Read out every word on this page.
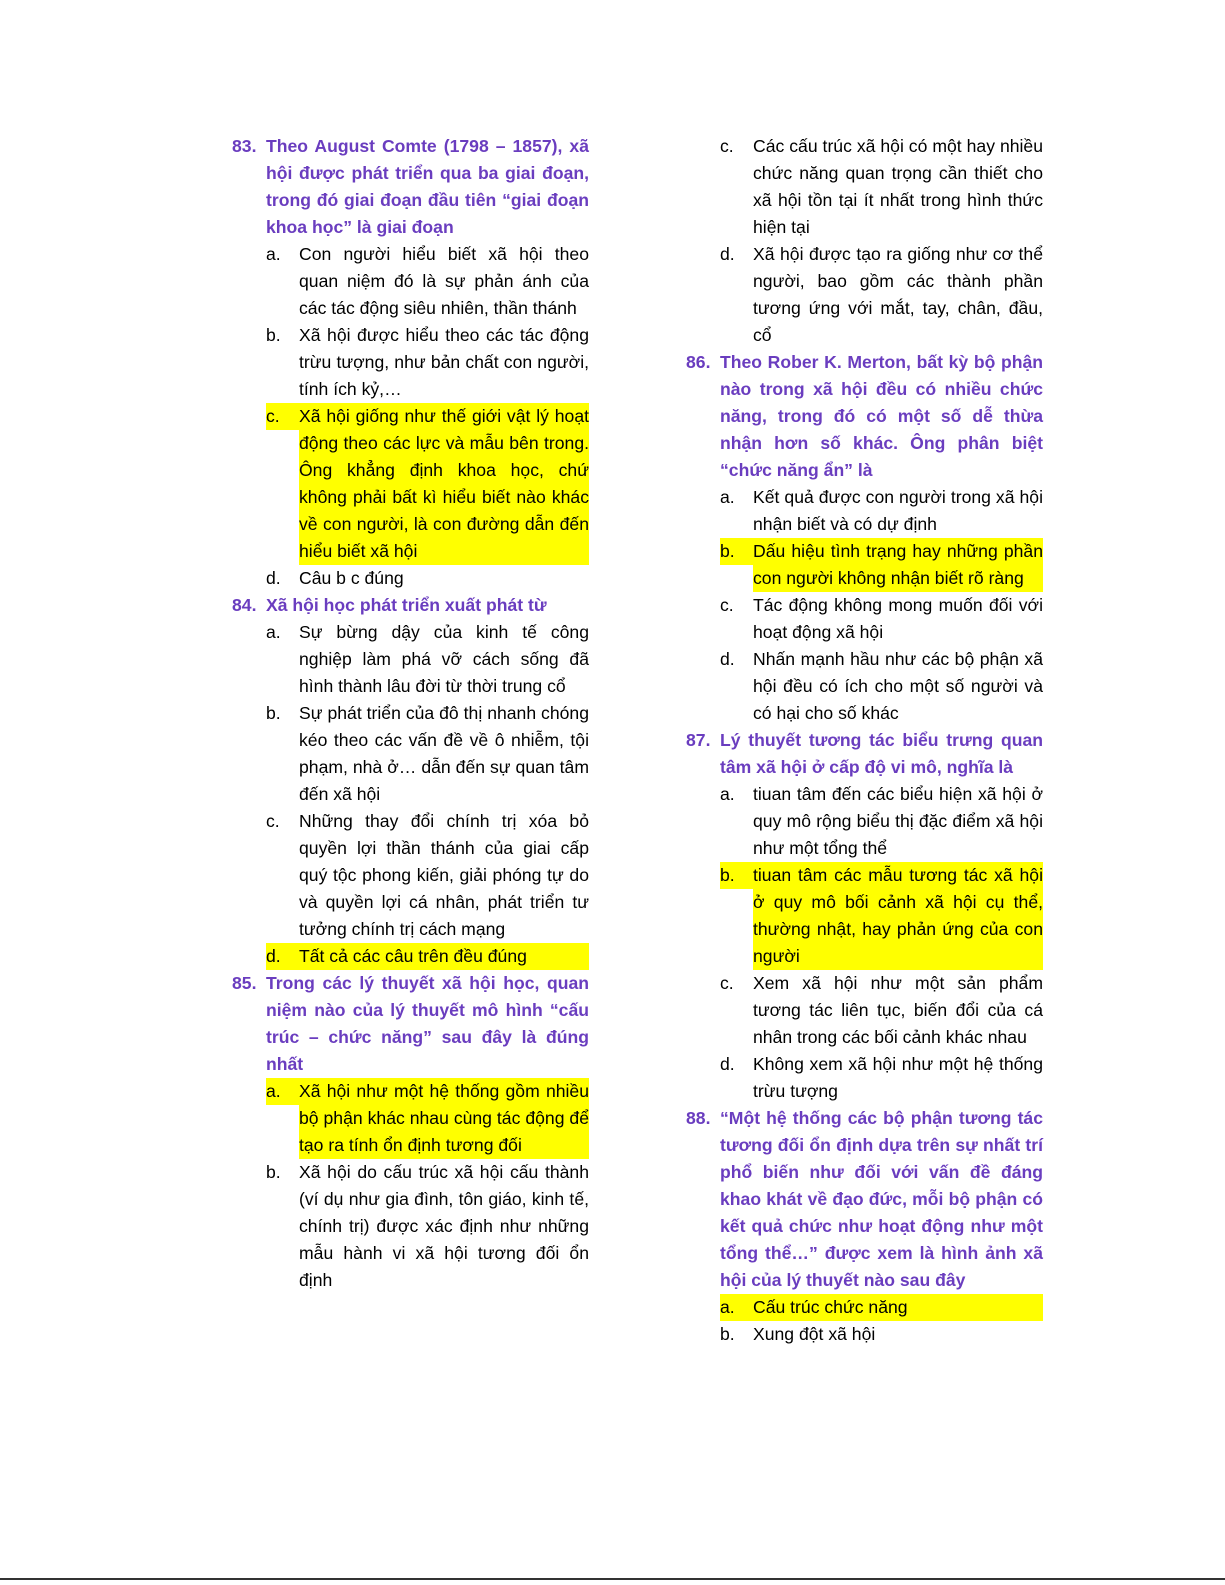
83. Theo August Comte (1798 – 1857), xã hội được phát triển qua ba giai đoạn, trong đó giai đoạn đầu tiên “giai đoạn khoa học” là giai đoạn
a.	Con người hiểu biết xã hội theo quan niệm đó là sự phản ánh của các tác động siêu nhiên, thần thánh
b.	Xã hội được hiểu theo các tác động trừu tượng, như bản chất con người, tính ích kỷ,…
c.	Xã hội giống như thế giới vật lý hoạt động theo các lực và mẫu bên trong. Ông khẳng định khoa học, chứ không phải bất kì hiểu biết nào khác về con người, là con đường dẫn đến hiểu biết xã hội
d.	Câu b c đúng
84. Xã hội học phát triển xuất phát từ
a.	Sự bừng dậy của kinh tế công nghiệp làm phá vỡ cách sống đã hình thành lâu đời từ thời trung cổ
b.	Sự phát triển của đô thị nhanh chóng kéo theo các vấn đề về ô nhiễm, tội phạm, nhà ở… dẫn đến sự quan tâm đến xã hội
c.	Những thay đổi chính trị xóa bỏ quyền lợi thần thánh của giai cấp quý tộc phong kiến, giải phóng tự do và quyền lợi cá nhân, phát triển tư tưởng chính trị cách mạng
d.	Tất cả các câu trên đều đúng
85. Trong các lý thuyết xã hội học, quan niệm nào của lý thuyết mô hình “cấu trúc – chức năng” sau đây là đúng nhất
a.	Xã hội như một hệ thống gồm nhiều bộ phận khác nhau cùng tác động để tạo ra tính ổn định tương đối
b.	Xã hội do cấu trúc xã hội cấu thành (ví dụ như gia đình, tôn giáo, kinh tế, chính trị) được xác định như những mẫu hành vi xã hội tương đối ổn định
c.	Các cấu trúc xã hội có một hay nhiều chức năng quan trọng cần thiết cho xã hội tồn tại ít nhất trong hình thức hiện tại
d.	Xã hội được tạo ra giống như cơ thể người, bao gồm các thành phần tương ứng với mắt, tay, chân, đầu, cổ
86. Theo Rober K. Merton, bất kỳ bộ phận nào trong xã hội đều có nhiều chức năng, trong đó có một số dễ thừa nhận hơn số khác. Ông phân biệt “chức năng ẩn” là
a.	Kết quả được con người trong xã hội nhận biết và có dự định
b.	Dấu hiệu tình trạng hay những phần con người không nhận biết rõ ràng
c.	Tác động không mong muốn đối với hoạt động xã hội
d.	Nhấn mạnh hầu như các bộ phận xã hội đều có ích cho một số người và có hại cho số khác
87. Lý thuyết tương tác biểu trưng quan tâm xã hội ở cấp độ vi mô, nghĩa là
a.	tiuan tâm đến các biểu hiện xã hội ở quy mô rộng biểu thị đặc điểm xã hội như một tổng thể
b.	tiuan tâm các mẫu tương tác xã hội ở quy mô bối cảnh xã hội cụ thể, thường nhật, hay phản ứng của con người
c.	Xem xã hội như một sản phẩm tương tác liên tục, biến đổi của cá nhân trong các bối cảnh khác nhau
d.	Không xem xã hội như một hệ thống trừu tượng
88. “Một hệ thống các bộ phận tương tác tương đối ổn định dựa trên sự nhất trí phổ biến như đối với vấn đề đáng khao khát về đạo đức, mỗi bộ phận có kết quả chức như hoạt động như một tổng thể…” được xem là hình ảnh xã hội của lý thuyết nào sau đây
a.	Cấu trúc chức năng
b.	Xung đột xã hội
